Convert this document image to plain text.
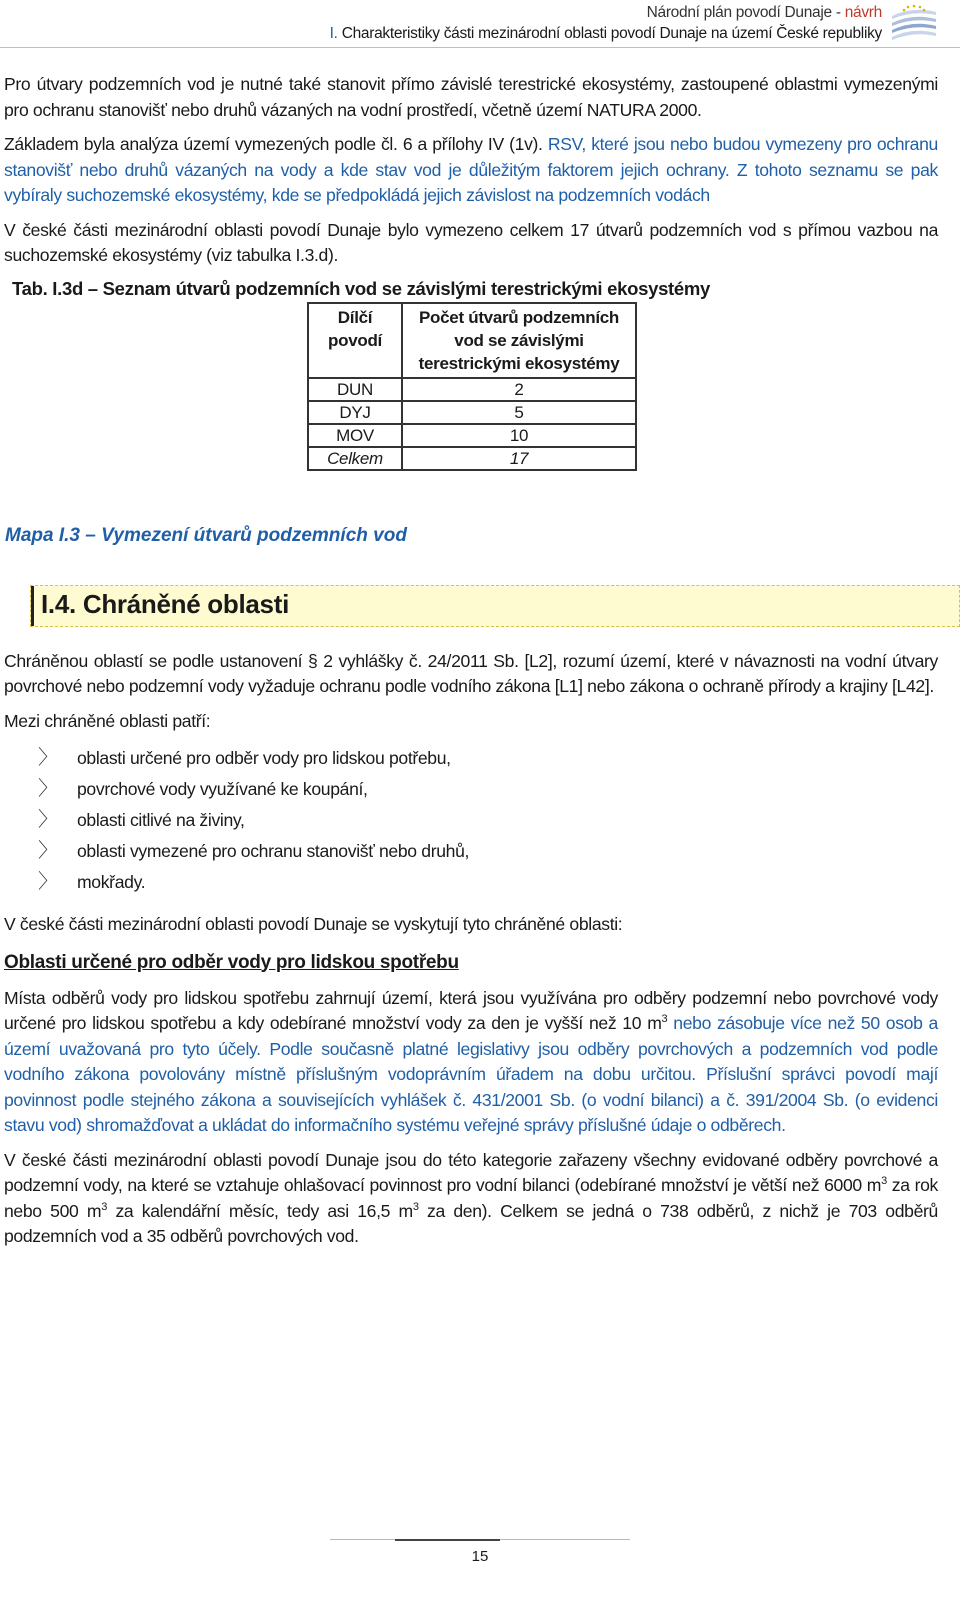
Národní plán povodí Dunaje - návrh
I. Charakteristiky části mezinárodní oblasti povodí Dunaje na území České republiky

Pro útvary podzemních vod je nutné také stanovit přímo závislé terestrické ekosystémy, zastoupené oblastmi vymezenými pro ochranu stanovišť nebo druhů vázaných na vodní prostředí, včetně území NATURA 2000.

Základem byla analýza území vymezených podle čl. 6 a přílohy IV (1v). RSV, které jsou nebo budou vymezeny pro ochranu stanovišť nebo druhů vázaných na vody a kde stav vod je důležitým faktorem jejich ochrany. Z tohoto seznamu se pak vybíraly suchozemské ekosystémy, kde se předpokládá jejich závislost na podzemních vodách

V české části mezinárodní oblasti povodí Dunaje bylo vymezeno celkem 17 útvarů podzemních vod s přímou vazbou na suchozemské ekosystémy (viz tabulka I.3.d).

Tab. I.3d – Seznam útvarů podzemních vod se závislými terestrickými ekosystémy
Dílčí povodí	Počet útvarů podzemních vod se závislými terestrickými ekosystémy
DUN	2
DYJ	5
MOV	10
Celkem	17
Mapa I.3 – Vymezení útvarů podzemních vod
I.4. Chráněné oblasti

Chráněnou oblastí se podle ustanovení § 2 vyhlášky č. 24/2011 Sb. [L2], rozumí území, které v návaznosti na vodní útvary povrchové nebo podzemní vody vyžaduje ochranu podle vodního zákona [L1] nebo zákona o ochraně přírody a krajiny [L42].

Mezi chráněné oblasti patří:

〉 oblasti určené pro odběr vody pro lidskou potřebu,
〉 povrchové vody využívané ke koupání,
〉 oblasti citlivé na živiny,
〉 oblasti vymezené pro ochranu stanovišť nebo druhů,
〉 mokřady.

V české části mezinárodní oblasti povodí Dunaje se vyskytují tyto chráněné oblasti:

Oblasti určené pro odběr vody pro lidskou spotřebu

Místa odběrů vody pro lidskou spotřebu zahrnují území, která jsou využívána pro odběry podzemní nebo povrchové vody určené pro lidskou spotřebu a kdy odebírané množství vody za den je vyšší než 10 $m^3$ nebo zásobuje více než 50 osob a území uvažovaná pro tyto účely. Podle současně platné legislativy jsou odběry povrchových a podzemních vod podle vodního zákona povolovány místně příslušným vodoprávním úřadem na dobu určitou. Příslušní správci povodí mají povinnost podle stejného zákona a souvisejících vyhlášek č. 431/2001 Sb. (o vodní bilanci) a č. 391/2004 Sb. (o evidenci stavu vod) shromažďovat a ukládat do informačního systému veřejné správy příslušné údaje o odběrech.

V české části mezinárodní oblasti povodí Dunaje jsou do této kategorie zařazeny všechny evidované odběry povrchové a podzemní vody, na které se vztahuje ohlašovací povinnost pro vodní bilanci (odebírané množství je větší než 6000 $m^3$ za rok nebo 500 $m^3$ za kalendářní měsíc, tedy asi 16,5 $m^3$ za den). Celkem se jedná o 738 odběrů, z nichž je 703 odběrů podzemních vod a 35 odběrů povrchových vod.

15
